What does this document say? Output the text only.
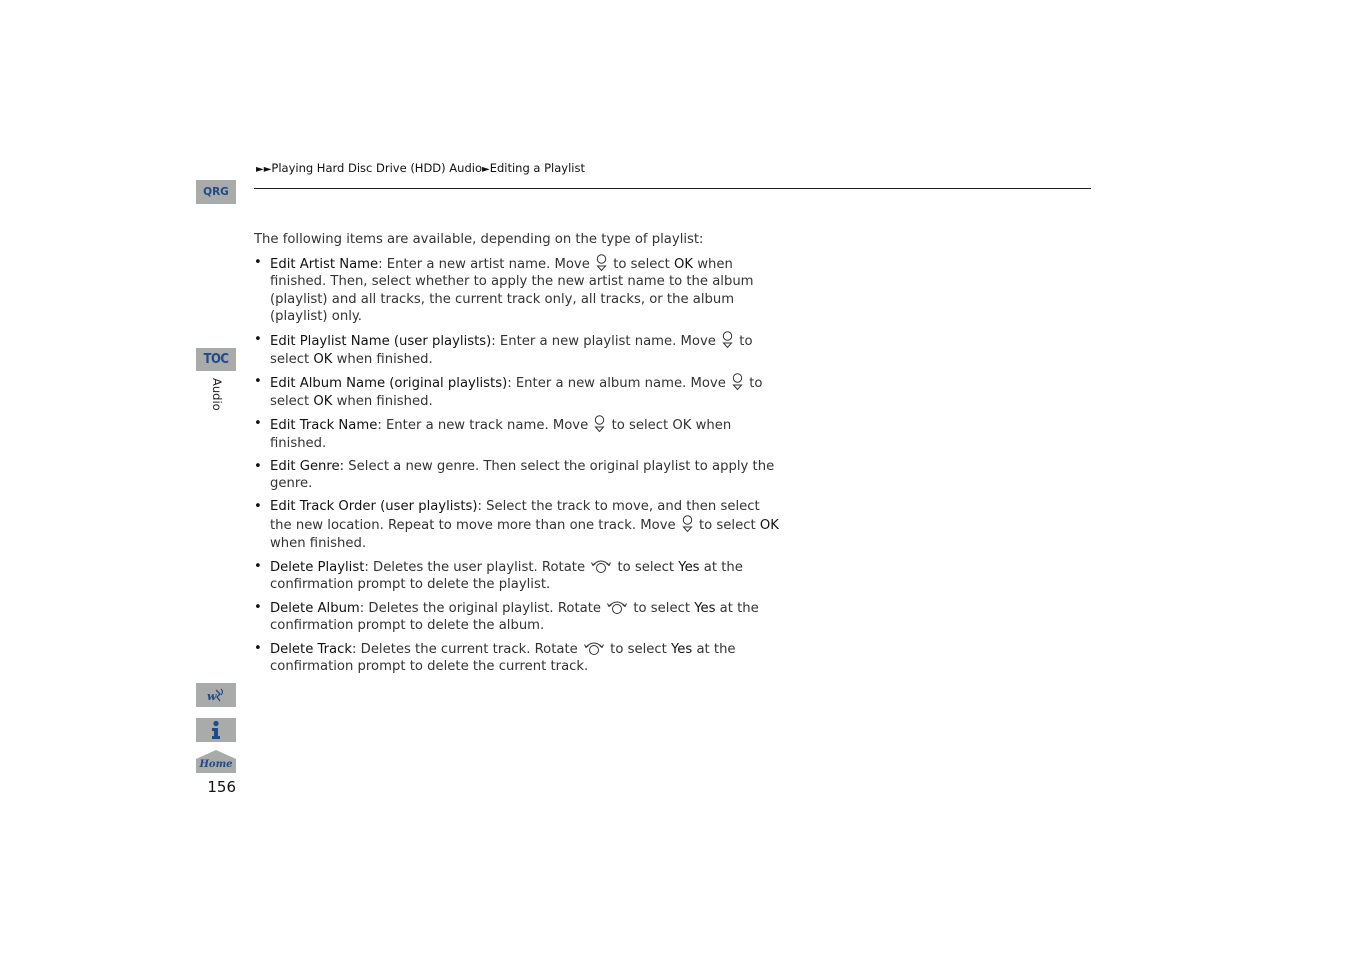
►►Playing Hard Disc Drive (HDD) Audio►Editing a Playlist
QRG
TOC
Audio
w
Home
156

The following items are available, depending on the type of playlist:

• Edit Artist Name: Enter a new artist name. Move  to select OK when finished. Then, select whether to apply the new artist name to the album (playlist) and all tracks, the current track only, all tracks, or the album (playlist) only.
• Edit Playlist Name (user playlists): Enter a new playlist name. Move  to select OK when finished.
• Edit Album Name (original playlists): Enter a new album name. Move  to select OK when finished.
• Edit Track Name: Enter a new track name. Move  to select OK when finished.
• Edit Genre: Select a new genre. Then select the original playlist to apply the genre.
• Edit Track Order (user playlists): Select the track to move, and then select the new location. Repeat to move more than one track. Move  to select OK when finished.
• Delete Playlist: Deletes the user playlist. Rotate  to select Yes at the confirmation prompt to delete the playlist.
• Delete Album: Deletes the original playlist. Rotate  to select Yes at the confirmation prompt to delete the album.
• Delete Track: Deletes the current track. Rotate  to select Yes at the confirmation prompt to delete the current track.
